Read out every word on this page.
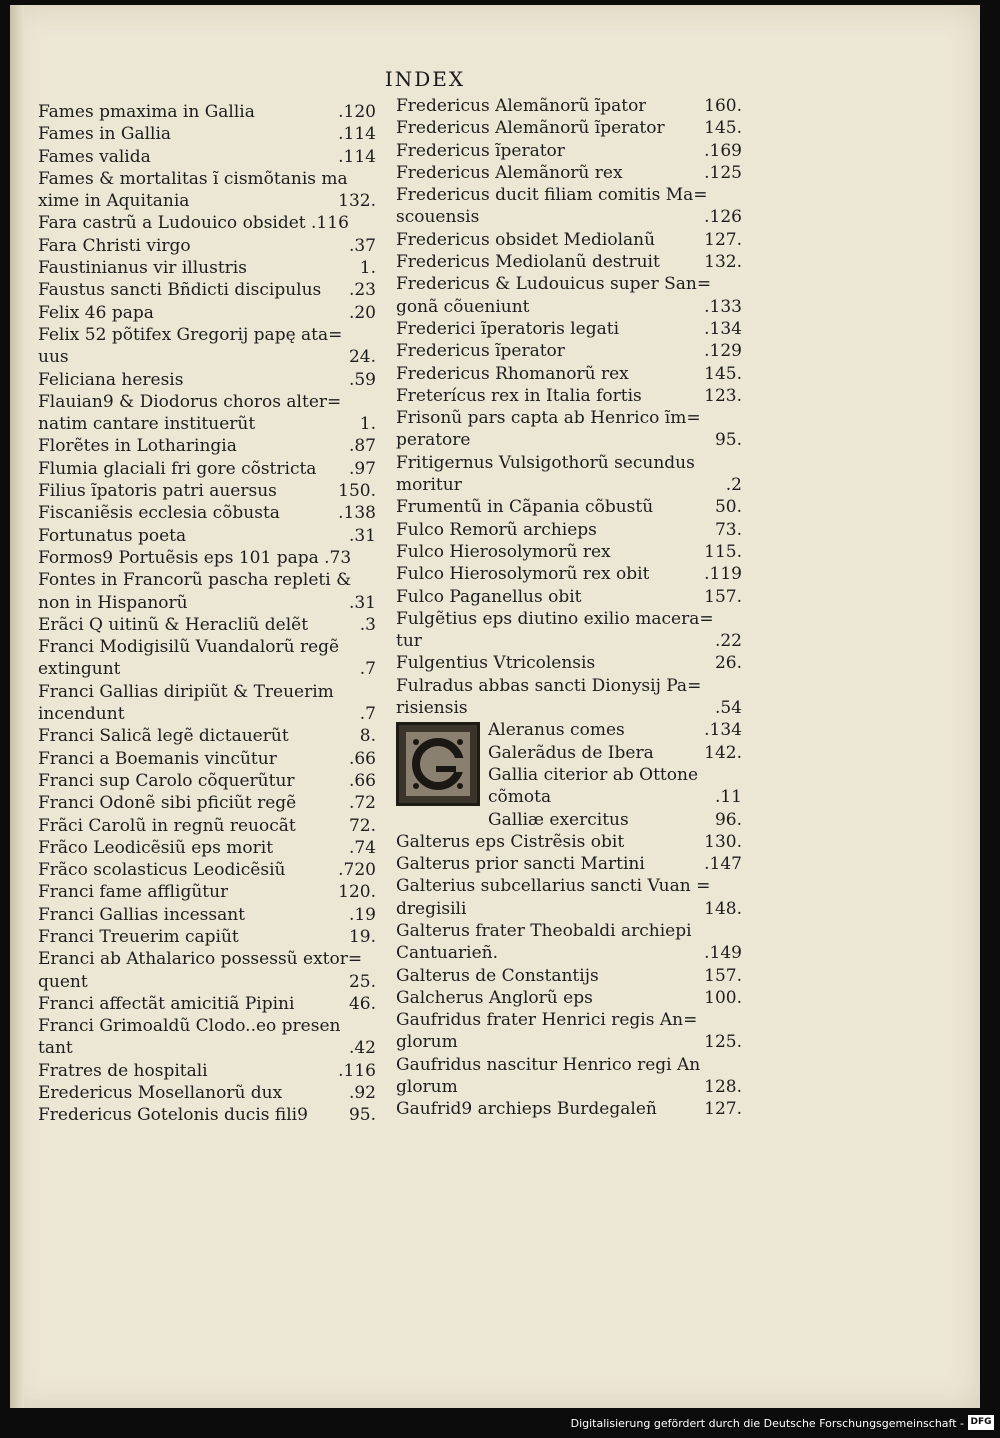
INDEX
Fames pmaxima in Gallia	.120
Fames in Gallia	.114
Fames valida	.114
Fames & mortalitas ĩ cismõtanis ma
xime in Aquitania	132.
Fara castrũ a Ludouico obsidet .116
Fara Christi virgo	.37
Faustinianus vir illustris	1.
Faustus sancti Bñdicti discipulus	.23
Felix 46 papa	.20
Felix 52 põtifex Gregorij papę ata=
uus	24.
Feliciana heresis	.59
Flauian9 & Diodorus choros alter=
natim cantare instituerũt	1.
Florẽtes in Lotharingia	.87
Flumia glaciali fri gore cõstricta	.97
Filius ĩpatoris patri auersus	150.
Fiscaniẽsis ecclesia cõbusta	.138
Fortunatus poeta	.31
Formos9 Portuẽsis eps 101 papa .73
Fontes in Francorũ pascha repleti &
non in Hispanorũ	.31
Erãci Q uitinũ & Heracliũ delẽt	.3
Franci Modigisilũ Vuandalorũ regẽ
extingunt	.7
Franci Gallias diripiũt & Treuerim
incendunt	.7
Franci Salicã legẽ dictauerũt	8.
Franci a Boemanis vincũtur	.66
Franci sup Carolo cõquerũtur	.66
Franci Odonẽ sibi pficiũt regẽ	.72
Frãci Carolũ in regnũ reuocãt	72.
Frãco Leodicẽsiũ eps morit	.74
Frãco scolasticus Leodicẽsiũ	.720
Franci fame affligũtur	120.
Franci Gallias incessant	.19
Franci Treuerim capiũt	19.
Eranci ab Athalarico possessũ extor=
quent	25.
Franci affectãt amicitiã Pipini	46.
Franci Grimoaldũ Clodo..eo presen
tant	.42
Fratres de hospitali	.116
Eredericus Mosellanorũ dux	.92
Fredericus Gotelonis ducis fili9	95.
Fredericus Alemãnorũ ĩpator	160.
Fredericus Alemãnorũ ĩperator	145.
Fredericus ĩperator	.169
Fredericus Alemãnorũ rex	.125
Fredericus ducit filiam comitis Ma=
scouensis	.126
Fredericus obsidet Mediolanũ	127.
Fredericus Mediolanũ destruit	132.
Fredericus & Ludouicus super San=
gonã cõueniunt	.133
Frederici ĩperatoris legati	.134
Fredericus ĩperator	.129
Fredericus Rhomanorũ rex	145.
Freterícus rex in Italia fortis	123.
Frisonũ pars capta ab Henrico ĩm=
peratore	95.
Fritigernus Vulsigothorũ secundus
moritur	.2
Frumentũ in Cãpania cõbustũ	50.
Fulco Remorũ archieps	73.
Fulco Hierosolymorũ rex	115.
Fulco Hierosolymorũ rex obit	.119
Fulco Paganellus obit	157.
Fulgẽtius eps diutino exilio macera=
tur	.22
Fulgentius Vtricolensis	26.
Fulradus abbas sancti Dionysij Pa=
risiensis	.54
Aleranus comes	.134
Galerãdus de Ibera	142.
Gallia citerior ab Ottone
cõmota	.11
Galliæ exercitus	96.
Galterus eps Cistrẽsis obit	130.
Galterus prior sancti Martini	.147
Galterius subcellarius sancti Vuan =
dregisili	148.
Galterus frater Theobaldi archiepi
Cantuarieñ.	.149
Galterus de Constantijs	157.
Galcherus Anglorũ eps	100.
Gaufridus frater Henrici regis An=
glorum	125.
Gaufridus nascitur Henrico regi An
glorum	128.
Gaufrid9 archieps Burdegaleñ	127.
Digitalisierung gefördert durch die Deutsche Forschungsgemeinschaft - DFG
